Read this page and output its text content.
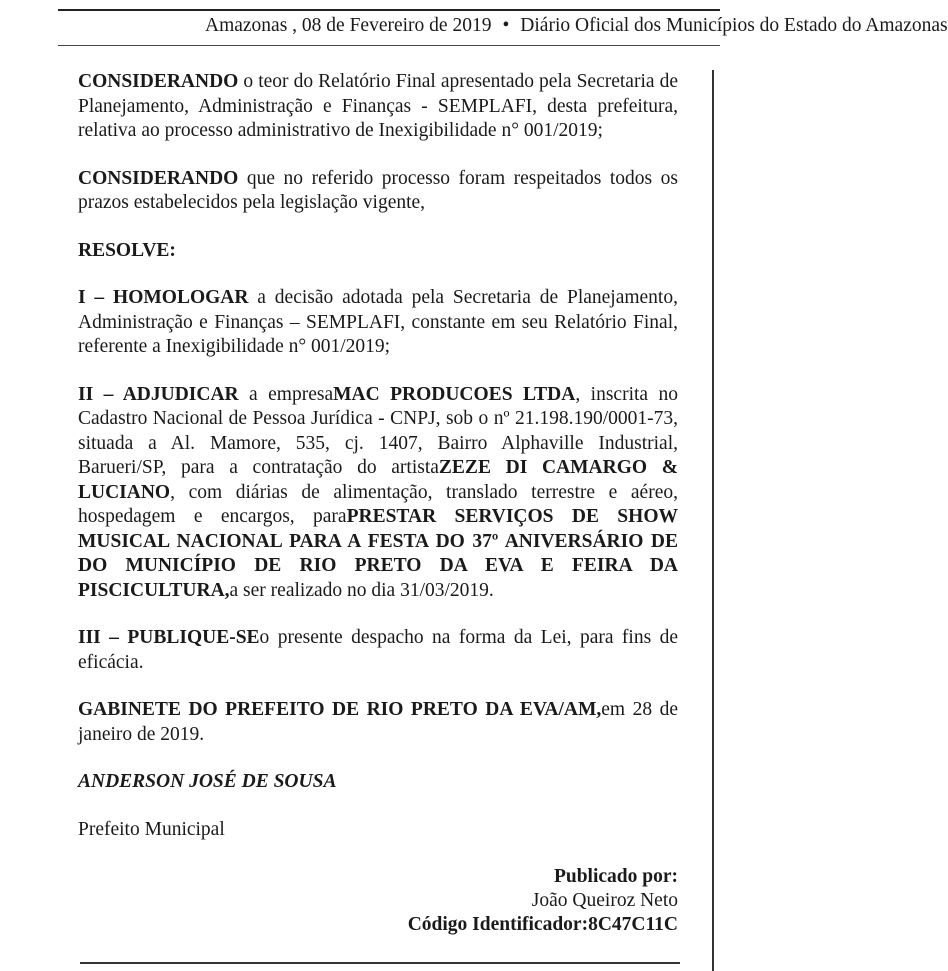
Amazonas , 08 de Fevereiro de 2019 • Diário Oficial dos Municípios do Estado do Amazonas

CONSIDERANDO o teor do Relatório Final apresentado pela Secretaria de Planejamento, Administração e Finanças - SEMPLAFI, desta prefeitura, relativa ao processo administrativo de Inexigibilidade n° 001/2019;

CONSIDERANDO que no referido processo foram respeitados todos os prazos estabelecidos pela legislação vigente,

RESOLVE:

I – HOMOLOGAR a decisão adotada pela Secretaria de Planejamento, Administração e Finanças – SEMPLAFI, constante em seu Relatório Final, referente a Inexigibilidade n° 001/2019;

II – ADJUDICAR a empresaMAC PRODUCOES LTDA, inscrita no Cadastro Nacional de Pessoa Jurídica - CNPJ, sob o nº 21.198.190/0001-73, situada a Al. Mamore, 535, cj. 1407, Bairro Alphaville Industrial, Barueri/SP, para a contratação do artistaZEZE DI CAMARGO & LUCIANO, com diárias de alimentação, translado terrestre e aéreo, hospedagem e encargos, paraPRESTAR SERVIÇOS DE SHOW MUSICAL NACIONAL PARA A FESTA DO 37º ANIVERSÁRIO DE DO MUNICÍPIO DE RIO PRETO DA EVA E FEIRA DA PISCICULTURA,a ser realizado no dia 31/03/2019.

III – PUBLIQUE-SEo presente despacho na forma da Lei, para fins de eficácia.

GABINETE DO PREFEITO DE RIO PRETO DA EVA/AM,em 28 de janeiro de 2019.

ANDERSON JOSÉ DE SOUSA

Prefeito Municipal

Publicado por:
João Queiroz Neto
Código Identificador:8C47C11C
